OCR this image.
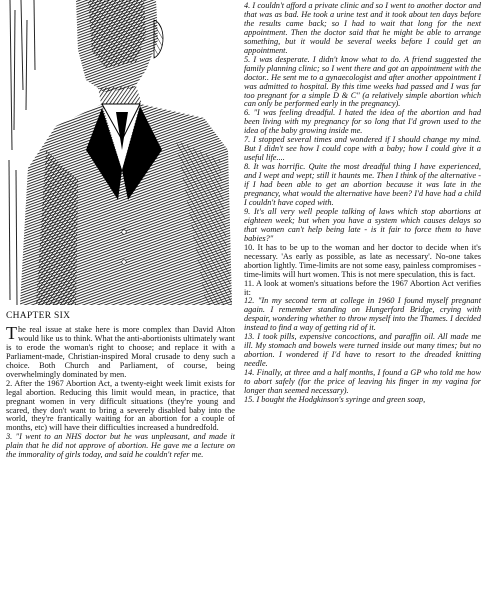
CHAPTER SIX

The real issue at stake here is more complex than David Alton would like us to think. What the anti-abortionists ultimately want is to erode the woman's right to choose; and replace it with a Parliament-made, Christian-inspired Moral crusade to deny such a choice. Both Church and Parliament, of course, being overwhelmingly dominated by men.

2. After the 1967 Abortion Act, a twenty-eight week limit exists for legal abortion. Reducing this limit would mean, in practice, that pregnant women in very difficult situations (they're young and scared, they don't want to bring a severely disabled baby into the world, they're frantically waiting for an abortion for a couple of months, etc) will have their difficulties increased a hundredfold.

3. "I went to an NHS doctor but he was unpleasant, and made it plain that he did not approve of abortion. He gave me a lecture on the immorality of girls today, and said he couldn't refer me.

4. I couldn't afford a private clinic and so I went to another doctor and that was as bad. He took a urine test and it took about ten days before the results came back; so I had to wait that long for the next appointment. Then the doctor said that he might be able to arrange something, but it would be several weeks before I could get an appointment.

5. I was desperate. I didn't know what to do. A friend suggested the family planning clinic; so I went there and got an appointment with the doctor.. He sent me to a gynaecologist and after another appointment I was admitted to hospital. By this time weeks had passed and I was far too pregnant for a simple D & C" (a relatively simple abortion which can only be performed early in the pregnancy).

6. "I was feeling dreadful. I hated the idea of the abortion and had been living with my pregnancy for so long that I'd grown used to the idea of the baby growing inside me.

7. I stopped several times and wondered if I should change my mind. But I didn't see how I could cope with a baby; how I could give it a useful life....

8. It was horrific. Quite the most dreadful thing I have experienced, and I wept and wept; still it haunts me. Then I think of the alternative - if I had been able to get an abortion because it was late in the pregnancy, what would the alternative have been? I'd have had a child I couldn't have coped with.

9. It's all very well people talking of laws which stop abortions at eighteen week; but when you have a system which causes delays so that women can't help being late - is it fair to force them to have babies?"

10. It has to be up to the woman and her doctor to decide when it's necessary. 'As early as possible, as late as necessary'. No-one takes abortion lightly. Time-limits are not some easy, painless compromises - time-limits will hurt women. This is not mere speculation, this is fact.

11. A look at women's situations before the 1967 Abortion Act verifies it:

12. "In my second term at college in 1960 I found myself pregnant again. I remember standing on Hungerford Bridge, crying with despair, wondering whether to throw myself into the Thames. I decided instead to find a way of getting rid of it.

13. I took pills, expensive concoctions, and paraffin oil. All made me ill. My stomach and bowels were turned inside out many times; but no abortion. I wondered if I'd have to resort to the dreaded knitting needle.

14. Finally, at three and a half months, I found a GP who told me how to abort safely (for the price of leaving his finger in my vagina for longer than seemed necessary).

15. I bought the Hodgkinson's syringe and green soap,
